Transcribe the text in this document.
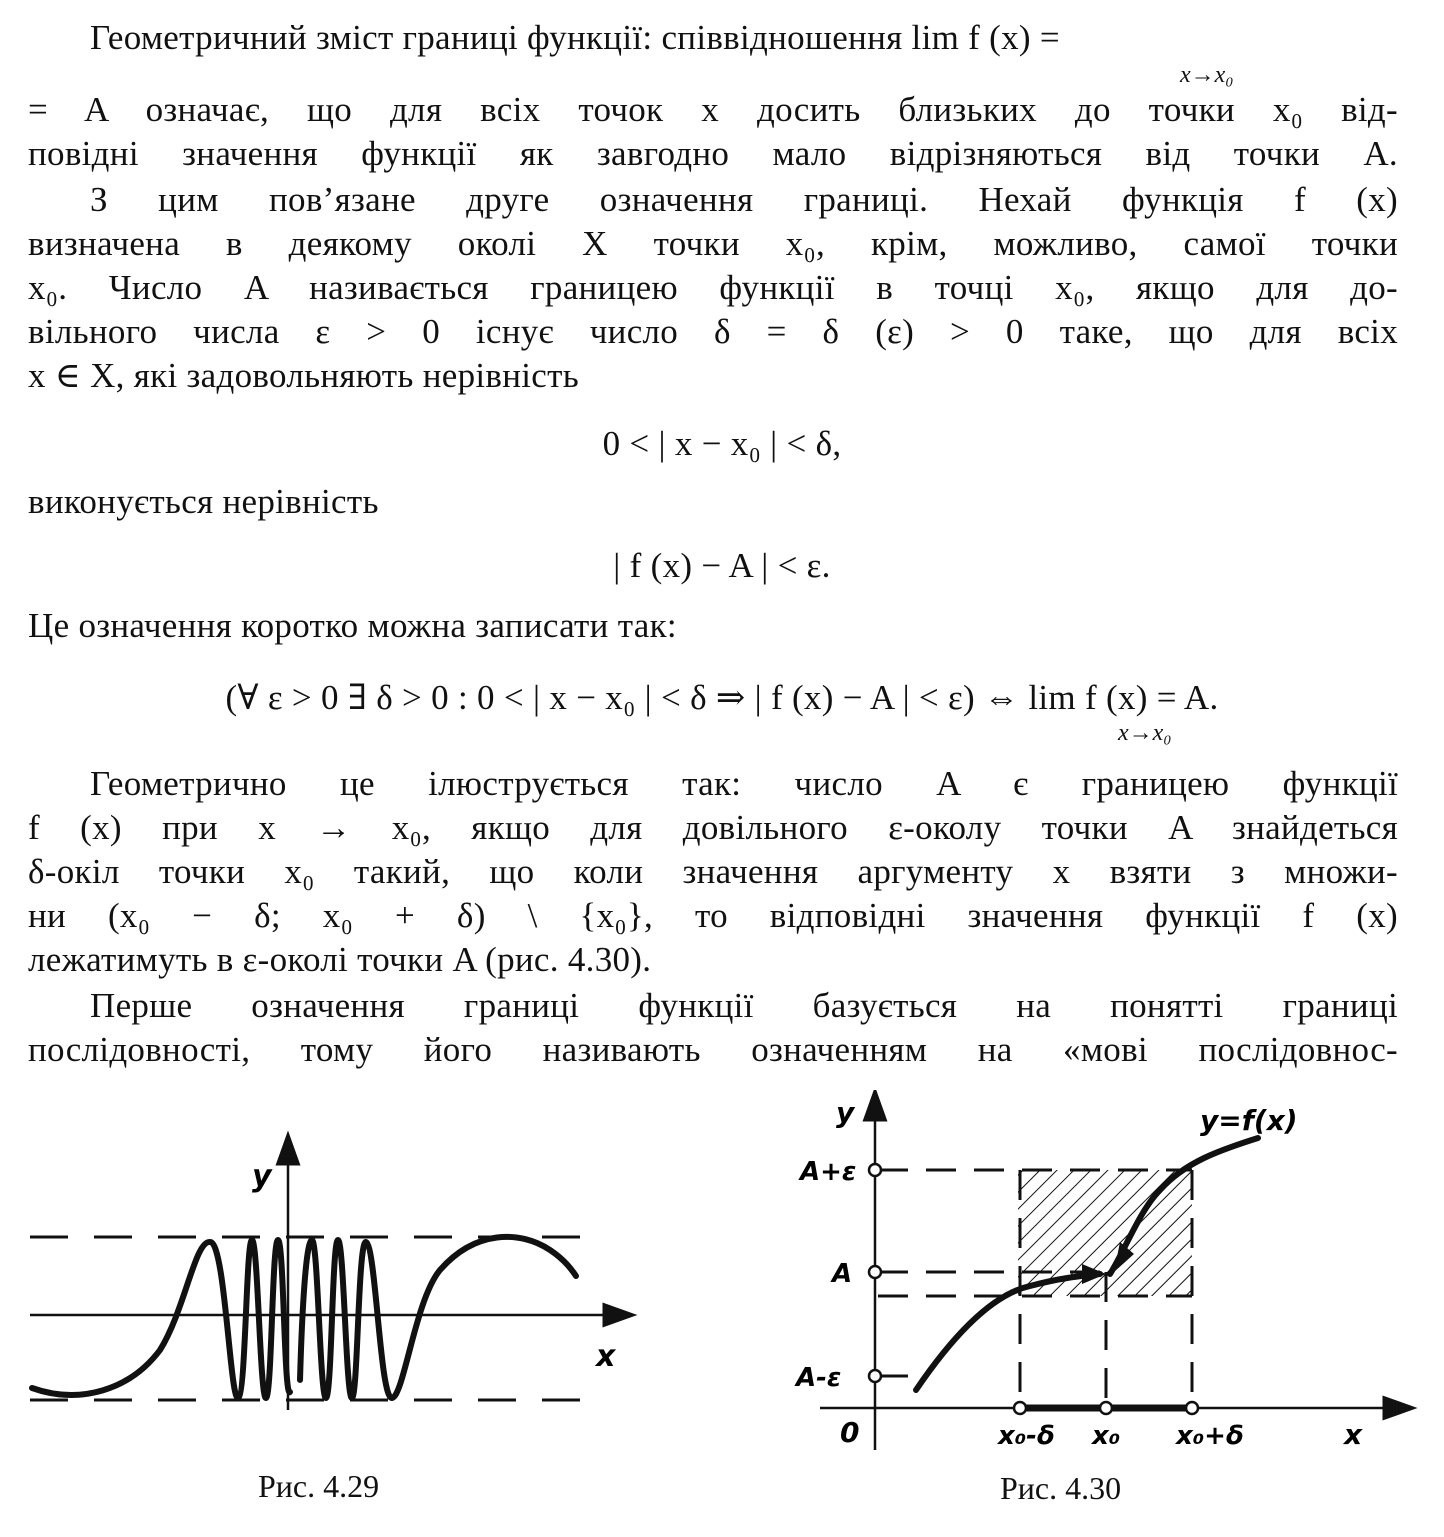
Геометричний зміст границі функції: співвідношення lim f (x) =
x→x₀
= A означає, що для всіх точок x досить близьких до точки x₀ від-
повідні значення функції як завгодно мало відрізняються від точки A.
З цим пов’язане друге означення границі. Нехай функція f (x)
визначена в деякому околі X точки x₀, крім, можливо, самої точки
x₀. Число A називається границею функції в точці x₀, якщо для до-
вільного числа ε > 0 існує число δ = δ (ε) > 0 таке, що для всіх
x ∈ X, які задовольняють нерівність
0 < | x − x₀ | < δ,
виконується нерівність
| f (x) − A | < ε.
Це означення коротко можна записати так:
(∀ ε > 0 ∃ δ > 0 : 0 < | x − x₀ | < δ ⇒ | f (x) − A | < ε) ⇔ lim f (x) = A.
x→x₀
Геометрично це ілюструється так: число A є границею функції
f (x) при x → x₀, якщо для довільного ε-околу точки A знайдеться
δ-окіл точки x₀ такий, що коли значення аргументу x взяти з множи-
ни (x₀ − δ; x₀ + δ) \ {x₀}, то відповідні значення функції f (x)
лежатимуть в ε-околі точки A (рис. 4.30).
Перше означення границі функції базується на понятті границі
послідовності, тому його називають означенням на «мові послідовнос-
y
x
Рис. 4.29
y
x
0
A+ε
A
A-ε
x₀-δ x₀ x₀+δ
y=f(x)
Рис. 4.30
